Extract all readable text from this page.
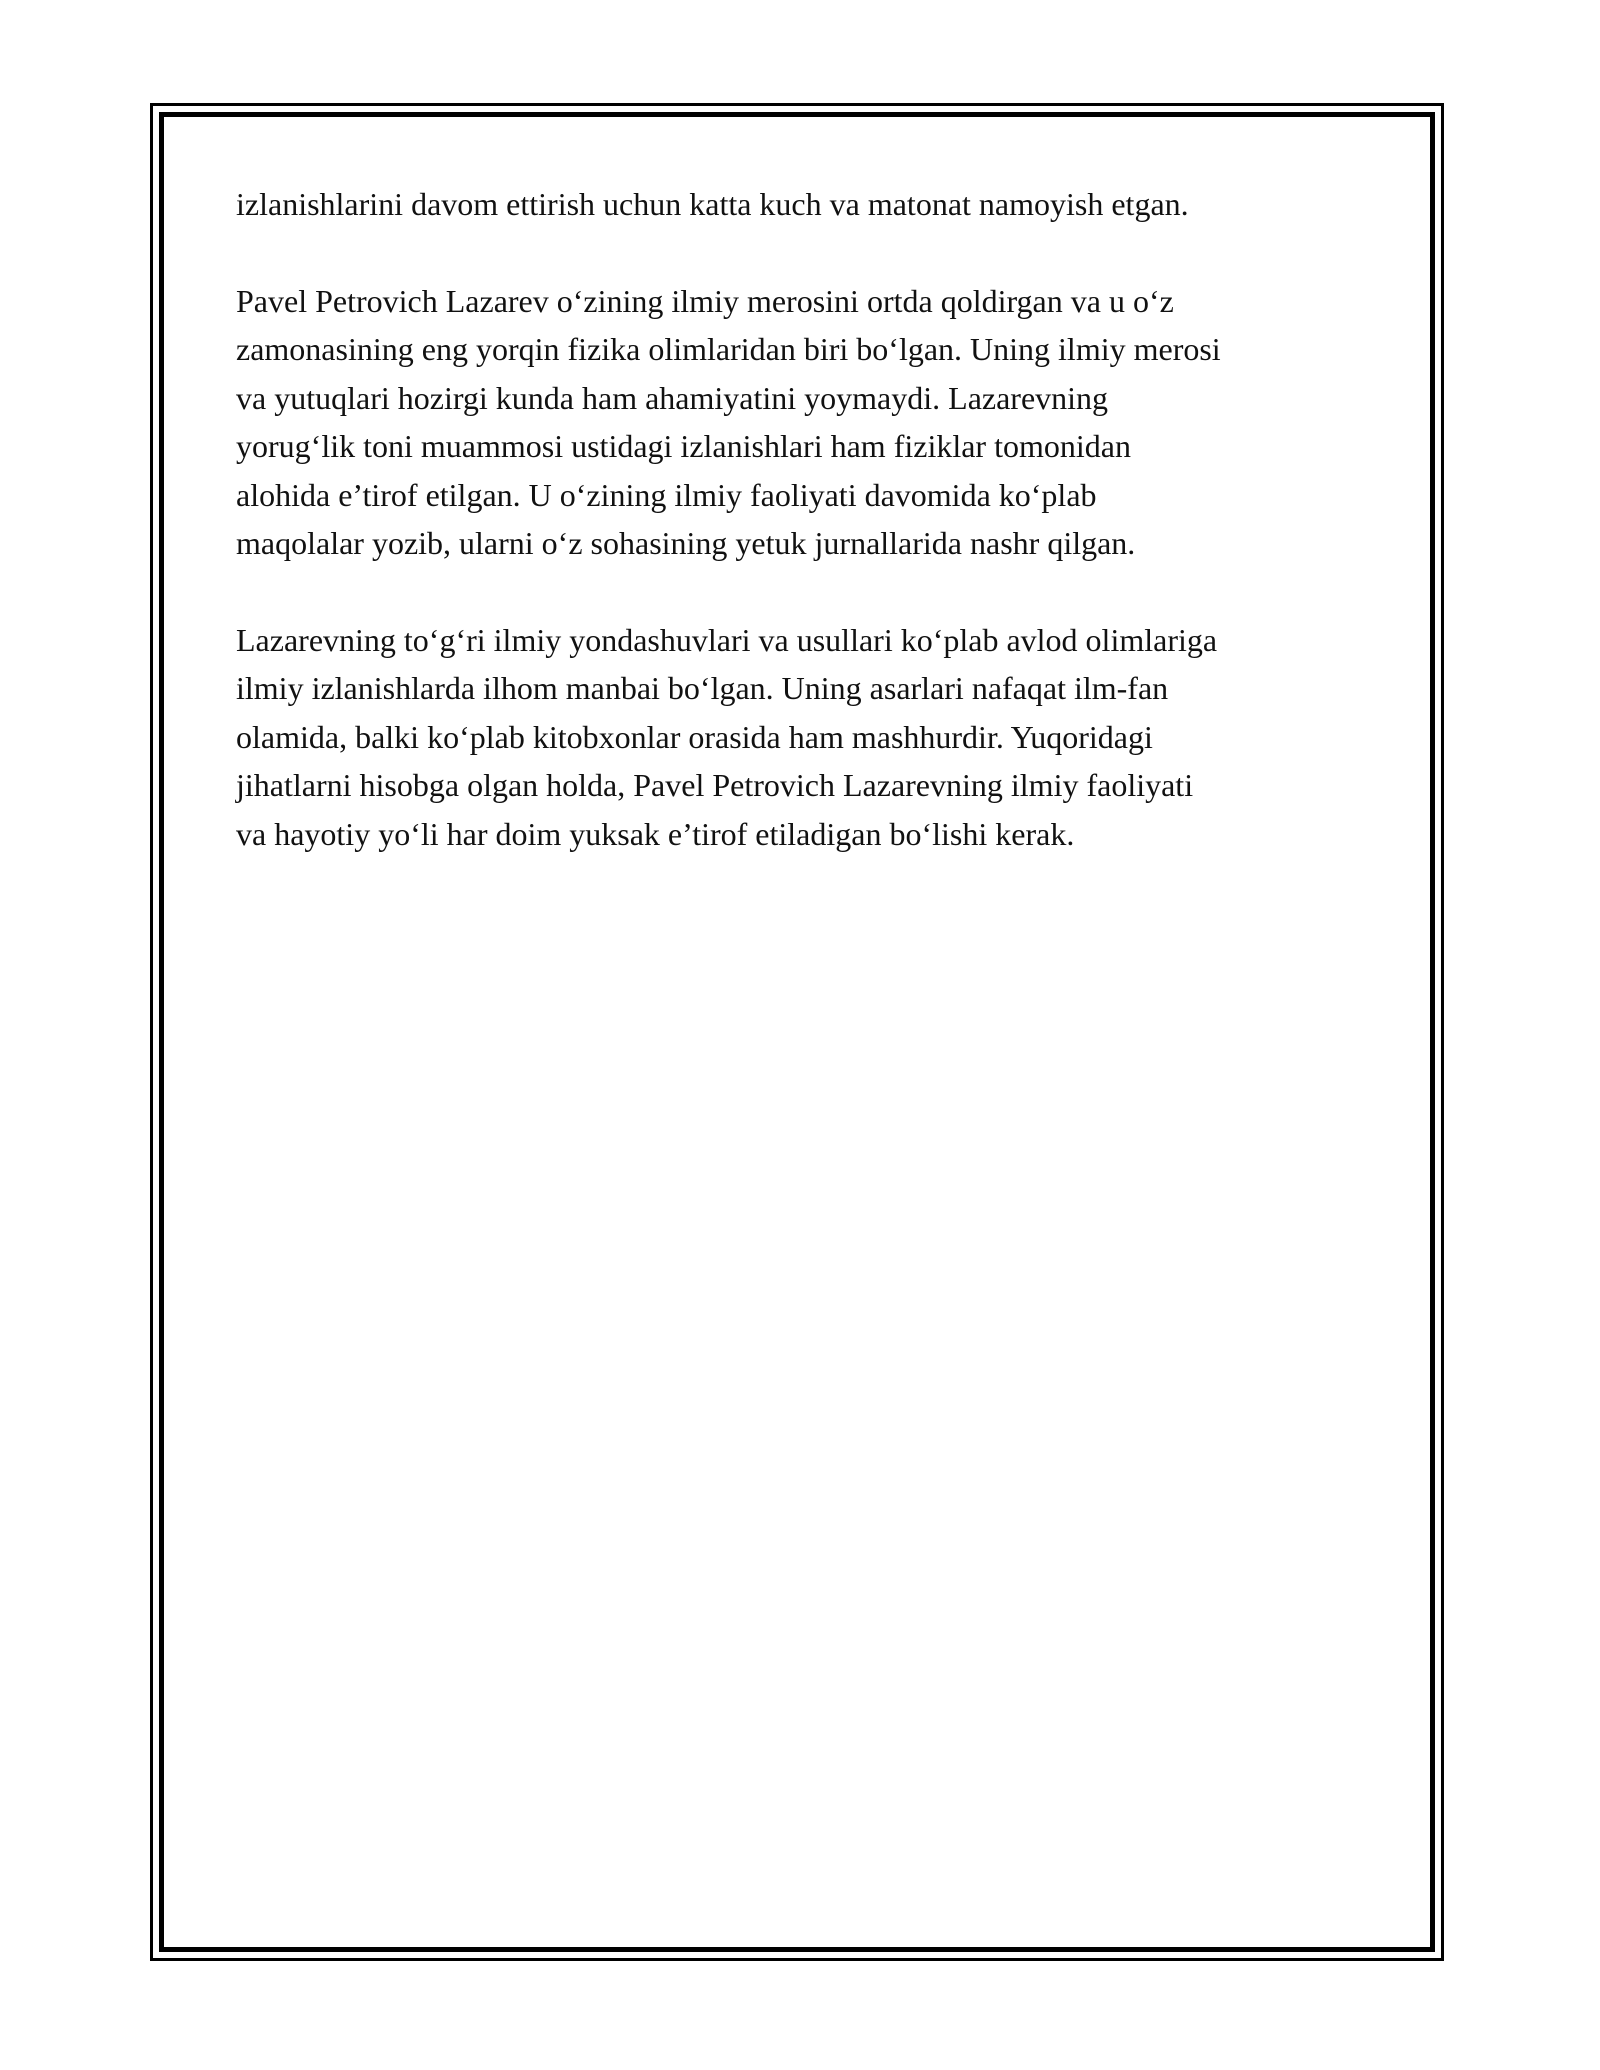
izlanishlarini davom ettirish uchun katta kuch va matonat namoyish etgan.

Pavel Petrovich Lazarev o‘zining ilmiy merosini ortda qoldirgan va u o‘z
zamonasining eng yorqin fizika olimlaridan biri bo‘lgan. Uning ilmiy merosi
va yutuqlari hozirgi kunda ham ahamiyatini yoymaydi. Lazarevning
yorug‘lik toni muammosi ustidagi izlanishlari ham fiziklar tomonidan
alohida e’tirof etilgan. U o‘zining ilmiy faoliyati davomida ko‘plab
maqolalar yozib, ularni o‘z sohasining yetuk jurnallarida nashr qilgan.

Lazarevning to‘g‘ri ilmiy yondashuvlari va usullari ko‘plab avlod olimlariga
ilmiy izlanishlarda ilhom manbai bo‘lgan. Uning asarlari nafaqat ilm-fan
olamida, balki ko‘plab kitobxonlar orasida ham mashhurdir. Yuqoridagi
jihatlarni hisobga olgan holda, Pavel Petrovich Lazarevning ilmiy faoliyati
va hayotiy yo‘li har doim yuksak e’tirof etiladigan bo‘lishi kerak.
